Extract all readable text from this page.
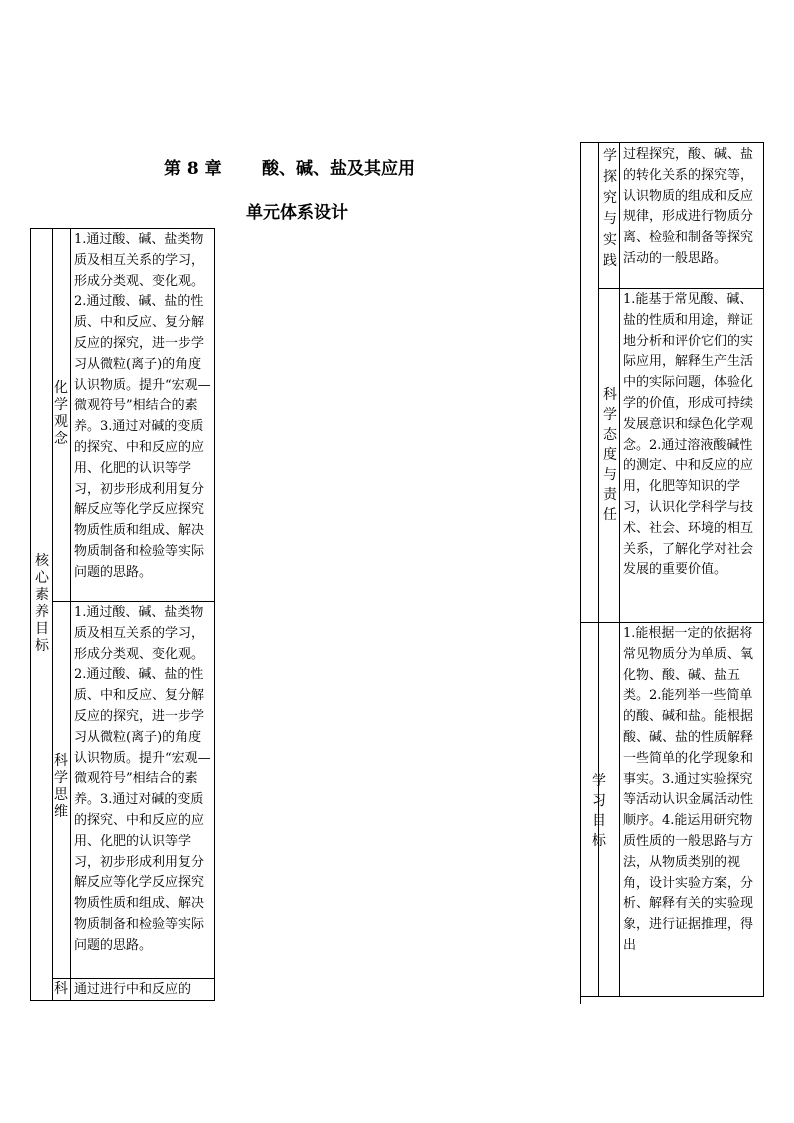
第 8 章 酸、碱、盐及其应用
单元体系设计
核心素养目标
化学观念
1.通过酸、碱、盐类物质及相互关系的学习，形成分类观、变化观。2.通过酸、碱、盐的性质、中和反应、复分解反应的探究，进一步学习从微粒(离子)的角度认识物质。提升“宏观—微观符号”相结合的素养。3.通过对碱的变质的探究、中和反应的应用、化肥的认识等学习，初步形成利用复分解反应等化学反应探究物质性质和组成、解决物质制备和检验等实际问题的思路。
科学思维
1.通过酸、碱、盐类物质及相互关系的学习，形成分类观、变化观。2.通过酸、碱、盐的性质、中和反应、复分解反应的探究，进一步学习从微粒(离子)的角度认识物质。提升“宏观—微观符号”相结合的素养。3.通过对碱的变质的探究、中和反应的应用、化肥的认识等学习，初步形成利用复分解反应等化学反应探究物质性质和组成、解决物质制备和检验等实际问题的思路。
科 通过进行中和反应的
学探究与实践
过程探究，酸、碱、盐的转化关系的探究等，认识物质的组成和反应规律，形成进行物质分离、检验和制备等探究活动的一般思路。
科学态度与责任
1.能基于常见酸、碱、盐的性质和用途，辩证地分析和评价它们的实际应用，解释生产生活中的实际问题，体验化学的价值，形成可持续发展意识和绿色化学观念。2.通过溶液酸碱性的测定、中和反应的应用，化肥等知识的学习，认识化学科学与技术、社会、环境的相互关系，了解化学对社会发展的重要价值。
学习目标
1.能根据一定的依据将常见物质分为单质、氧化物、酸、碱、盐五类。2.能列举一些简单的酸、碱和盐。能根据酸、碱、盐的性质解释一些简单的化学现象和事实。3.通过实验探究等活动认识金属活动性顺序。4.能运用研究物质性质的一般思路与方法，从物质类别的视角，设计实验方案，分析、解释有关的实验现象，进行证据推理，得出
